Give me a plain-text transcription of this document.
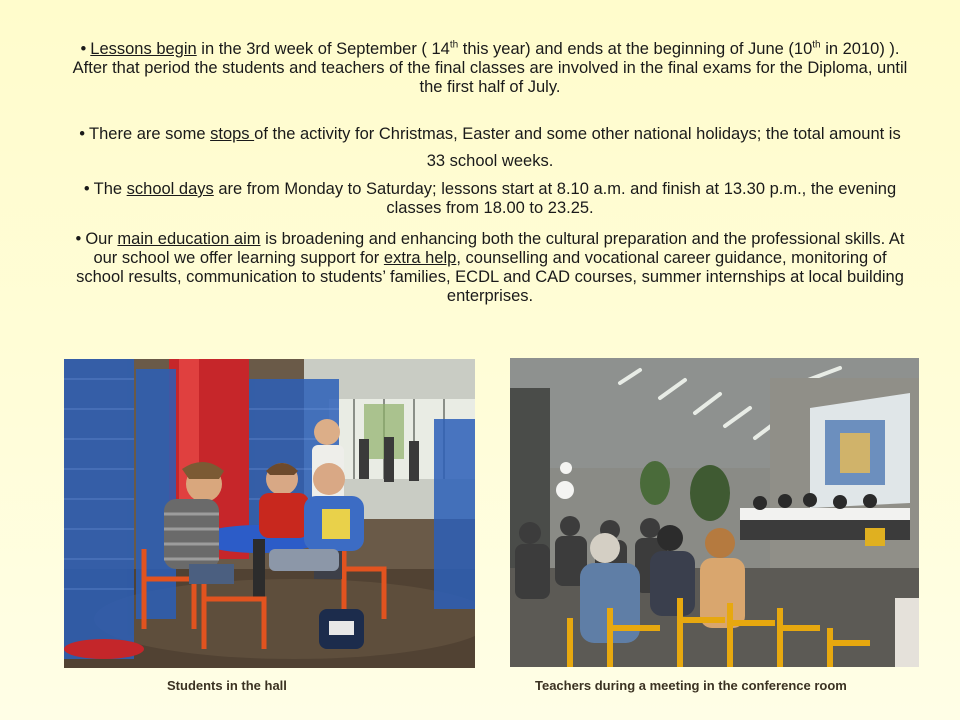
• Lessons begin in the 3rd week of September ( 14th this year) and ends at the beginning of June (10th in 2010) ). After that period the students and teachers of the final classes are involved in the final exams for the Diploma, until the first half of July.
• There are some stops of the activity for Christmas, Easter and some other national holidays; the total amount is 33 school weeks.
• The school days are from Monday to Saturday; lessons start at 8.10 a.m. and finish at 13.30 p.m., the evening classes from 18.00 to 23.25.
• Our main education aim is broadening and enhancing both the cultural preparation and the professional skills. At our school we offer learning support for extra help, counselling and vocational career guidance, monitoring of school results, communication to students’ families, ECDL and CAD courses, summer internships at local building enterprises.
Students in the hall	Teachers during a meeting in the conference room
